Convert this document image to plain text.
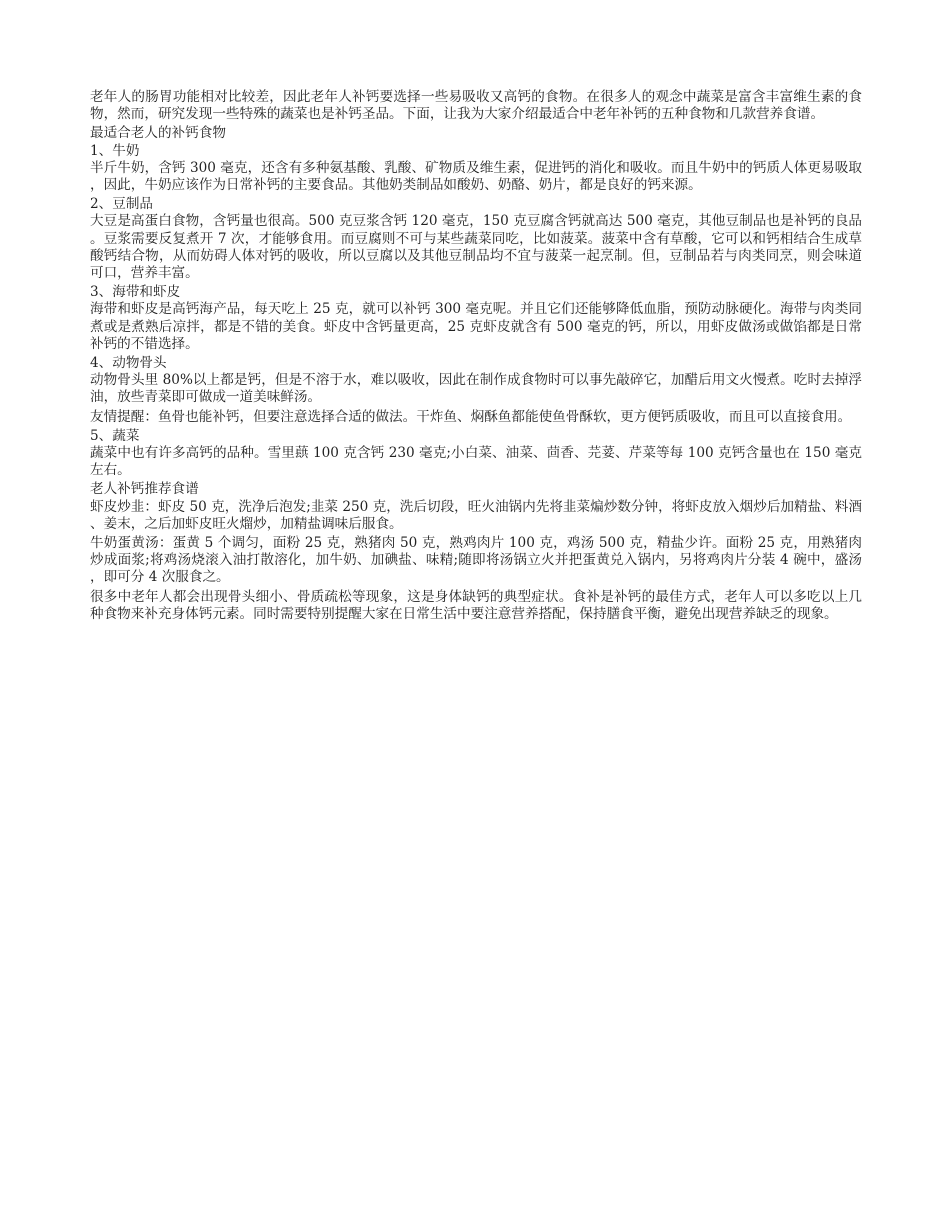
老年人的肠胃功能相对比较差，因此老年人补钙要选择一些易吸收又高钙的食物。在很多人的观念中蔬菜是富含丰富维生素的食物，然而，研究发现一些特殊的蔬菜也是补钙圣品。下面，让我为大家介绍最适合中老年补钙的五种食物和几款营养食谱。

最适合老人的补钙食物
1、牛奶

半斤牛奶，含钙 300 毫克，还含有多种氨基酸、乳酸、矿物质及维生素，促进钙的消化和吸收。而且牛奶中的钙质人体更易吸取，因此，牛奶应该作为日常补钙的主要食品。其他奶类制品如酸奶、奶酪、奶片，都是良好的钙来源。

2、豆制品

大豆是高蛋白食物，含钙量也很高。500 克豆浆含钙 120 毫克，150 克豆腐含钙就高达 500 毫克，其他豆制品也是补钙的良品。豆浆需要反复煮开 7 次，才能够食用。而豆腐则不可与某些蔬菜同吃，比如菠菜。菠菜中含有草酸，它可以和钙相结合生成草酸钙结合物，从而妨碍人体对钙的吸收，所以豆腐以及其他豆制品均不宜与菠菜一起烹制。但，豆制品若与肉类同烹，则会味道可口，营养丰富。

3、海带和虾皮

海带和虾皮是高钙海产品，每天吃上 25 克，就可以补钙 300 毫克呢。并且它们还能够降低血脂，预防动脉硬化。海带与肉类同煮或是煮熟后凉拌，都是不错的美食。虾皮中含钙量更高，25 克虾皮就含有 500 毫克的钙，所以，用虾皮做汤或做馅都是日常补钙的不错选择。

4、动物骨头

动物骨头里 80%以上都是钙，但是不溶于水，难以吸收，因此在制作成食物时可以事先敲碎它，加醋后用文火慢煮。吃时去掉浮油，放些青菜即可做成一道美味鲜汤。

友情提醒：鱼骨也能补钙，但要注意选择合适的做法。干炸鱼、焖酥鱼都能使鱼骨酥软，更方便钙质吸收，而且可以直接食用。

5、蔬菜

蔬菜中也有许多高钙的品种。雪里蕻 100 克含钙 230 毫克;小白菜、油菜、茴香、芫荽、芹菜等每 100 克钙含量也在 150 毫克左右。

老人补钙推荐食谱

虾皮炒韭：虾皮 50 克，洗净后泡发;韭菜 250 克，洗后切段，旺火油锅内先将韭菜煸炒数分钟，将虾皮放入烟炒后加精盐、料酒、姜末，之后加虾皮旺火熘炒，加精盐调味后服食。

牛奶蛋黄汤：蛋黄 5 个调匀，面粉 25 克，熟猪肉 50 克，熟鸡肉片 100 克，鸡汤 500 克，精盐少许。面粉 25 克，用熟猪肉炒成面浆;将鸡汤烧滚入油打散溶化，加牛奶、加碘盐、味精;随即将汤锅立火并把蛋黄兑入锅内，另将鸡肉片分装 4 碗中，盛汤，即可分 4 次服食之。

很多中老年人都会出现骨头细小、骨质疏松等现象，这是身体缺钙的典型症状。食补是补钙的最佳方式，老年人可以多吃以上几种食物来补充身体钙元素。同时需要特别提醒大家在日常生活中要注意营养搭配，保持膳食平衡，避免出现营养缺乏的现象。
